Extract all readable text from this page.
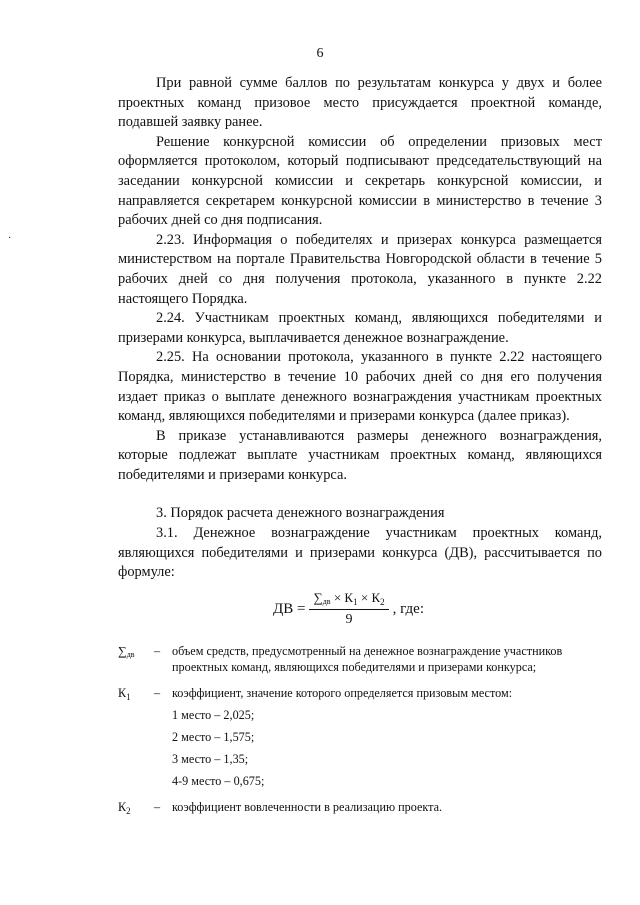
6
·

При равной сумме баллов по результатам конкурса у двух и более проектных команд призовое место присуждается проектной команде, подавшей заявку ранее.

Решение конкурсной комиссии об определении призовых мест оформляется протоколом, который подписывают председательствующий на заседании конкурсной комиссии и секретарь конкурсной комиссии, и направляется секретарем конкурсной комиссии в министерство в течение 3 рабочих дней со дня подписания.

2.23. Информация о победителях и призерах конкурса размещается министерством на портале Правительства Новгородской области в течение 5 рабочих дней со дня получения протокола, указанного в пункте 2.22 настоящего Порядка.

2.24. Участникам проектных команд, являющихся победителями и призерами конкурса, выплачивается денежное вознаграждение.

2.25. На основании протокола, указанного в пункте 2.22 настоящего Порядка, министерство в течение 10 рабочих дней со дня его получения издает приказ о выплате денежного вознаграждения участникам проектных команд, являющихся победителями и призерами конкурса (далее приказ).

В приказе устанавливаются размеры денежного вознаграждения, которые подлежат выплате участникам проектных команд, являющихся победителями и призерами конкурса.

3. Порядок расчета денежного вознаграждения

3.1. Денежное вознаграждение участникам проектных команд, являющихся победителями и призерами конкурса (ДВ), рассчитывается по формуле:

ДВ = $\frac{\sum_{дв} \times К_1 \times К_2}{9}$ , где:
$\sum_{дв}$	– объем средств, предусмотренный на денежное вознаграждение участников проектных команд, являющихся победителями и призерами конкурса;
$К_1$	– коэффициент, значение которого определяется призовым местом:
1 место – 2,025;
2 место – 1,575;
3 место – 1,35;
4-9 место – 0,675;
$К_2$	– коэффициент вовлеченности в реализацию проекта.
